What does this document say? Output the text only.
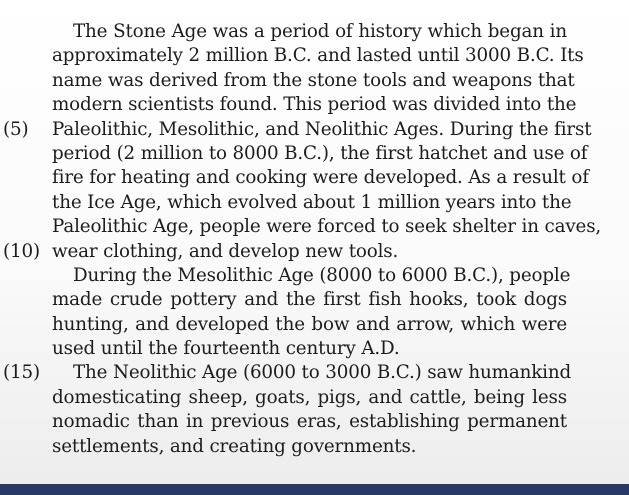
The Stone Age was a period of history which began in
approximately 2 million B.C. and lasted until 3000 B.C. Its
name was derived from the stone tools and weapons that
modern scientists found. This period was divided into the
(5) Paleolithic, Mesolithic, and Neolithic Ages. During the first
period (2 million to 8000 B.C.), the first hatchet and use of
fire for heating and cooking were developed. As a result of
the Ice Age, which evolved about 1 million years into the
Paleolithic Age, people were forced to seek shelter in caves,
(10) wear clothing, and develop new tools.
During the Mesolithic Age (8000 to 6000 B.C.), people
made crude pottery and the first fish hooks, took dogs
hunting, and developed the bow and arrow, which were
used until the fourteenth century A.D.
(15) The Neolithic Age (6000 to 3000 B.C.) saw humankind
domesticating sheep, goats, pigs, and cattle, being less
nomadic than in previous eras, establishing permanent
settlements, and creating governments.
